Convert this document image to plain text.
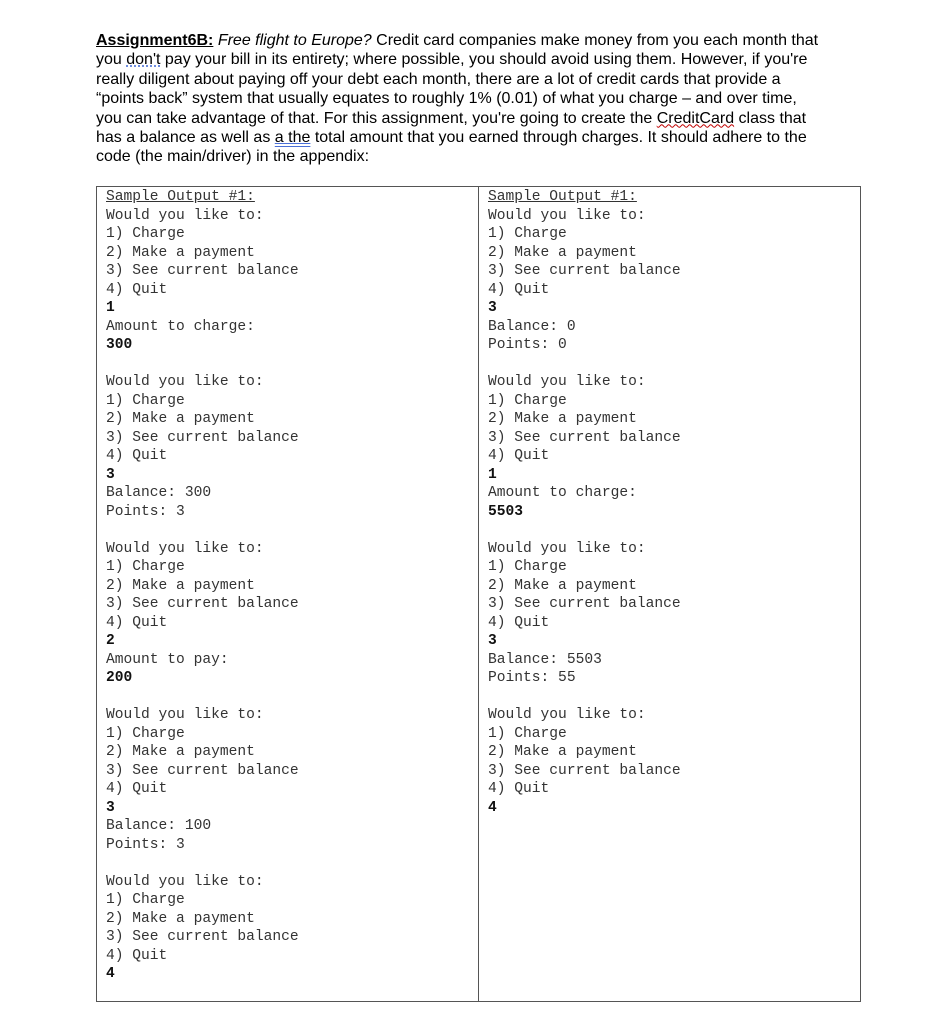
Assignment6B: Free flight to Europe? Credit card companies make money from you each month that you don't pay your bill in its entirety; where possible, you should avoid using them. However, if you're really diligent about paying off your debt each month, there are a lot of credit cards that provide a “points back” system that usually equates to roughly 1% (0.01) of what you charge – and over time, you can take advantage of that. For this assignment, you're going to create the CreditCard class that has a balance as well as a the total amount that you earned through charges. It should adhere to the code (the main/driver) in the appendix:
Sample Output #1:
Would you like to:
1) Charge
2) Make a payment
3) See current balance
4) Quit
1
Amount to charge:
300
Would you like to:
1) Charge
2) Make a payment
3) See current balance
4) Quit
3
Balance: 300
Points: 3
Would you like to:
1) Charge
2) Make a payment
3) See current balance
4) Quit
2
Amount to pay:
200
Would you like to:
1) Charge
2) Make a payment
3) See current balance
4) Quit
3
Balance: 100
Points: 3
Would you like to:
1) Charge
2) Make a payment
3) See current balance
4) Quit
4
Sample Output #1:
Would you like to:
1) Charge
2) Make a payment
3) See current balance
4) Quit
3
Balance: 0
Points: 0
Would you like to:
1) Charge
2) Make a payment
3) See current balance
4) Quit
1
Amount to charge:
5503
Would you like to:
1) Charge
2) Make a payment
3) See current balance
4) Quit
3
Balance: 5503
Points: 55
Would you like to:
1) Charge
2) Make a payment
3) See current balance
4) Quit
4
